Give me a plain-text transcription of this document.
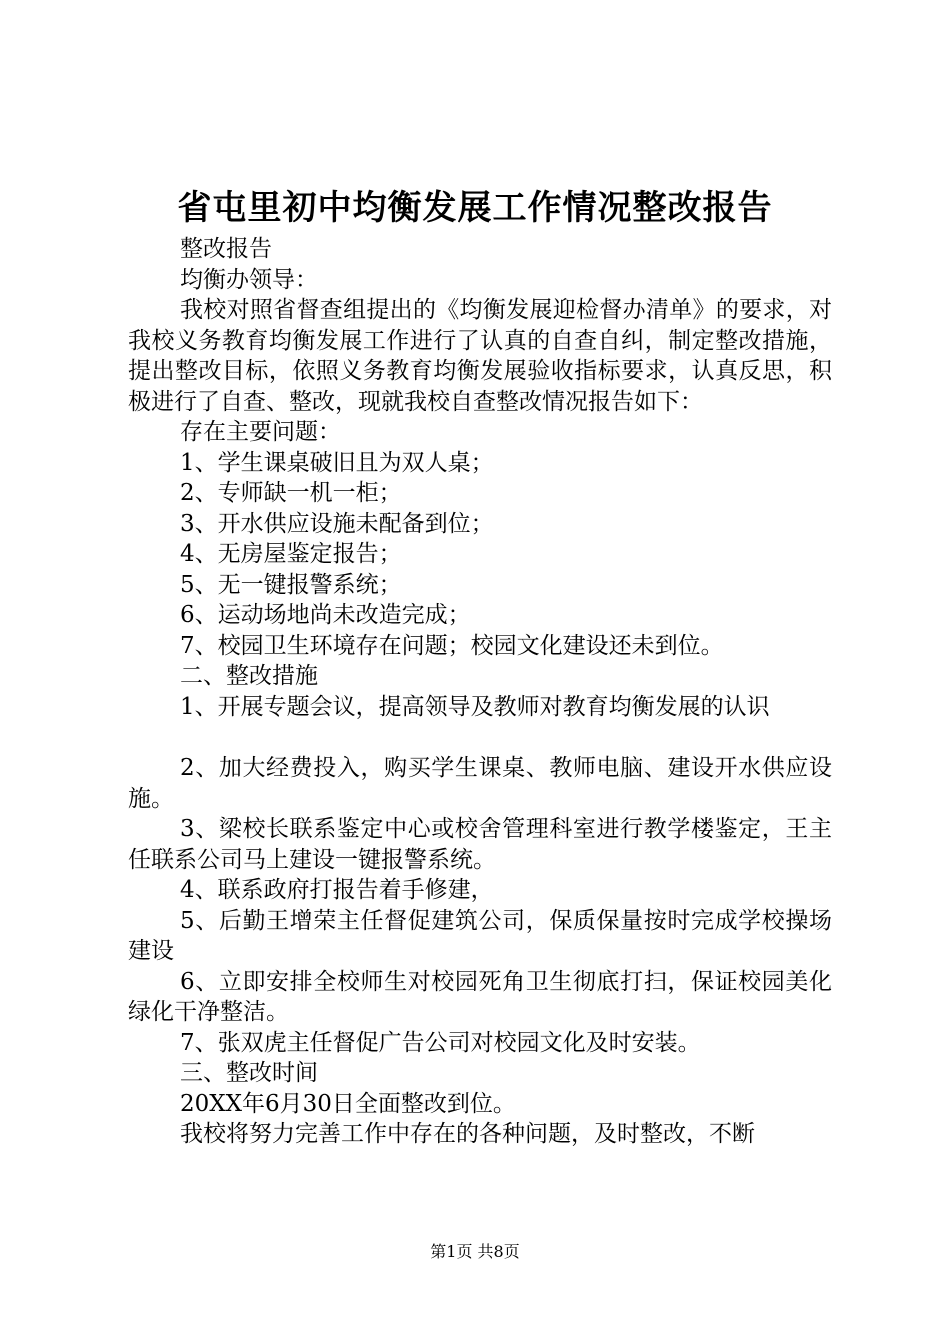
省屯里初中均衡发展工作情况整改报告

整改报告

均衡办领导：

我校对照省督查组提出的《均衡发展迎检督办清单》的要求，对我校义务教育均衡发展工作进行了认真的自查自纠，制定整改措施，提出整改目标，依照义务教育均衡发展验收指标要求，认真反思，积极进行了自查、整改，现就我校自查整改情况报告如下：

存在主要问题：

1、学生课桌破旧且为双人桌；

2、专师缺一机一柜；

3、开水供应设施未配备到位；

4、无房屋鉴定报告；

5、无一键报警系统；

6、运动场地尚未改造完成；

7、校园卫生环境存在问题；校园文化建设还未到位。

二、整改措施

1、开展专题会议，提高领导及教师对教育均衡发展的认识

2、加大经费投入，购买学生课桌、教师电脑、建设开水供应设施。

3、梁校长联系鉴定中心或校舍管理科室进行教学楼鉴定，王主任联系公司马上建设一键报警系统。

4、联系政府打报告着手修建，

5、后勤王增荣主任督促建筑公司，保质保量按时完成学校操场建设

6、立即安排全校师生对校园死角卫生彻底打扫，保证校园美化绿化干净整洁。

7、张双虎主任督促广告公司对校园文化及时安装。

三、整改时间

20XX年6月30日全面整改到位。

我校将努力完善工作中存在的各种问题，及时整改，不断

第1页 共8页
